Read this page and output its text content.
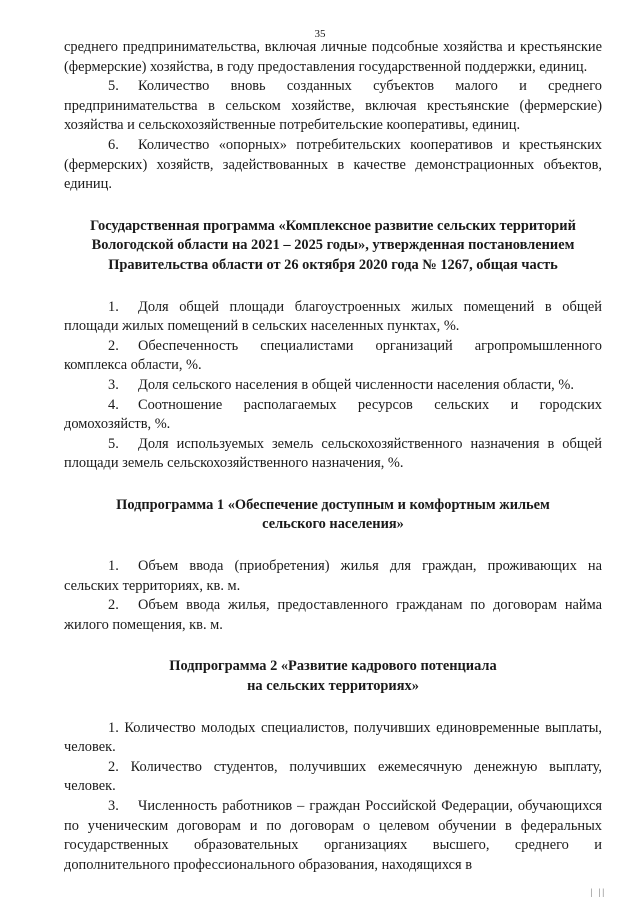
35

среднего предпринимательства, включая личные подсобные хозяйства и крестьянские (фермерские) хозяйства, в году предоставления государственной поддержки, единиц.

5. Количество вновь созданных субъектов малого и среднего предпринимательства в сельском хозяйстве, включая крестьянские (фермерские) хозяйства и сельскохозяйственные потребительские кооперативы, единиц.

6. Количество «опорных» потребительских кооперативов и крестьянских (фермерских) хозяйств, задействованных в качестве демонстрационных объектов, единиц.

Государственная программа «Комплексное развитие сельских территорий Вологодской области на 2021 – 2025 годы», утвержденная постановлением Правительства области от 26 октября 2020 года № 1267, общая часть

1. Доля общей площади благоустроенных жилых помещений в общей площади жилых помещений в сельских населенных пунктах, %.

2. Обеспеченность специалистами организаций агропромышленного комплекса области, %.

3. Доля сельского населения в общей численности населения области, %.

4. Соотношение располагаемых ресурсов сельских и городских домохозяйств, %.

5. Доля используемых земель сельскохозяйственного назначения в общей площади земель сельскохозяйственного назначения, %.

Подпрограмма 1 «Обеспечение доступным и комфортным жильем сельского населения»

1. Объем ввода (приобретения) жилья для граждан, проживающих на сельских территориях, кв. м.

2. Объем ввода жилья, предоставленного гражданам по договорам найма жилого помещения, кв. м.

Подпрограмма 2 «Развитие кадрового потенциала
на сельских территориях»

1. Количество молодых специалистов, получивших единовременные выплаты, человек.

2. Количество студентов, получивших ежемесячную денежную выплату, человек.

3. Численность работников – граждан Российской Федерации, обучающихся по ученическим договорам и по договорам о целевом обучении в федеральных государственных образовательных организациях высшего, среднего и дополнительного профессионального образования, находящихся в

| ||
